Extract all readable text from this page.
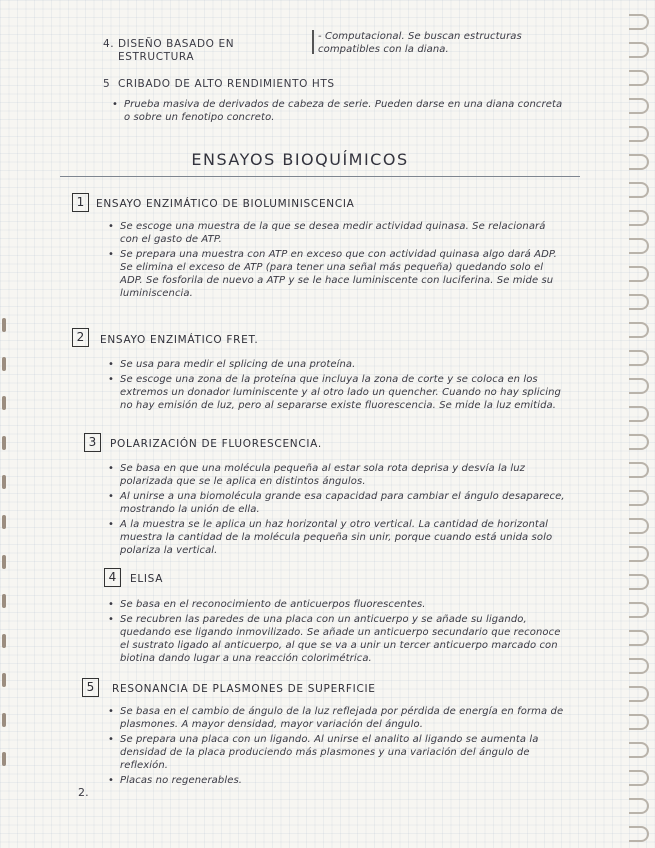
4. DISEÑO BASADO EN ESTRUCTURA
- Computacional. Se buscan estructuras compatibles con la diana.
5 CRIBADO DE ALTO RENDIMIENTO HTS
• Prueba masiva de derivados de cabeza de serie. Pueden darse en una diana concreta o sobre un fenotipo concreto.
ENSAYOS BIOQUÍMICOS
1	ENSAYO ENZIMÁTICO DE BIOLUMINISCENCIA
• Se escoge una muestra de la que se desea medir actividad quinasa. Se relacionará con el gasto de ATP.
• Se prepara una muestra con ATP en exceso que con actividad quinasa algo dará ADP. Se elimina el exceso de ATP (para tener una señal más pequeña) quedando solo el ADP. Se fosforila de nuevo a ATP y se le hace luminiscente con luciferina. Se mide su luminiscencia.
2	ENSAYO ENZIMÁTICO FRET.
• Se usa para medir el splicing de una proteína.
• Se escoge una zona de la proteína que incluya la zona de corte y se coloca en los extremos un donador luminiscente y al otro lado un quencher. Cuando no hay splicing no hay emisión de luz, pero al separarse existe fluorescencia. Se mide la luz emitida.
3	POLARIZACIÓN DE FLUORESCENCIA.
• Se basa en que una molécula pequeña al estar sola rota deprisa y desvía la luz polarizada que se le aplica en distintos ángulos.
• Al unirse a una biomolécula grande esa capacidad para cambiar el ángulo desaparece, mostrando la unión de ella.
• A la muestra se le aplica un haz horizontal y otro vertical. La cantidad de horizontal muestra la cantidad de la molécula pequeña sin unir, porque cuando está unida solo polariza la vertical.
4	ELISA
• Se basa en el reconocimiento de anticuerpos fluorescentes.
• Se recubren las paredes de una placa con un anticuerpo y se añade su ligando, quedando ese ligando inmovilizado. Se añade un anticuerpo secundario que reconoce el sustrato ligado al anticuerpo, al que se va a unir un tercer anticuerpo marcado con biotina dando lugar a una reacción colorimétrica.
5	RESONANCIA DE PLASMONES DE SUPERFICIE
• Se basa en el cambio de ángulo de la luz reflejada por pérdida de energía en forma de plasmones. A mayor densidad, mayor variación del ángulo.
• Se prepara una placa con un ligando. Al unirse el analito al ligando se aumenta la densidad de la placa produciendo más plasmones y una variación del ángulo de reflexión.
• Placas no regenerables.
2.
